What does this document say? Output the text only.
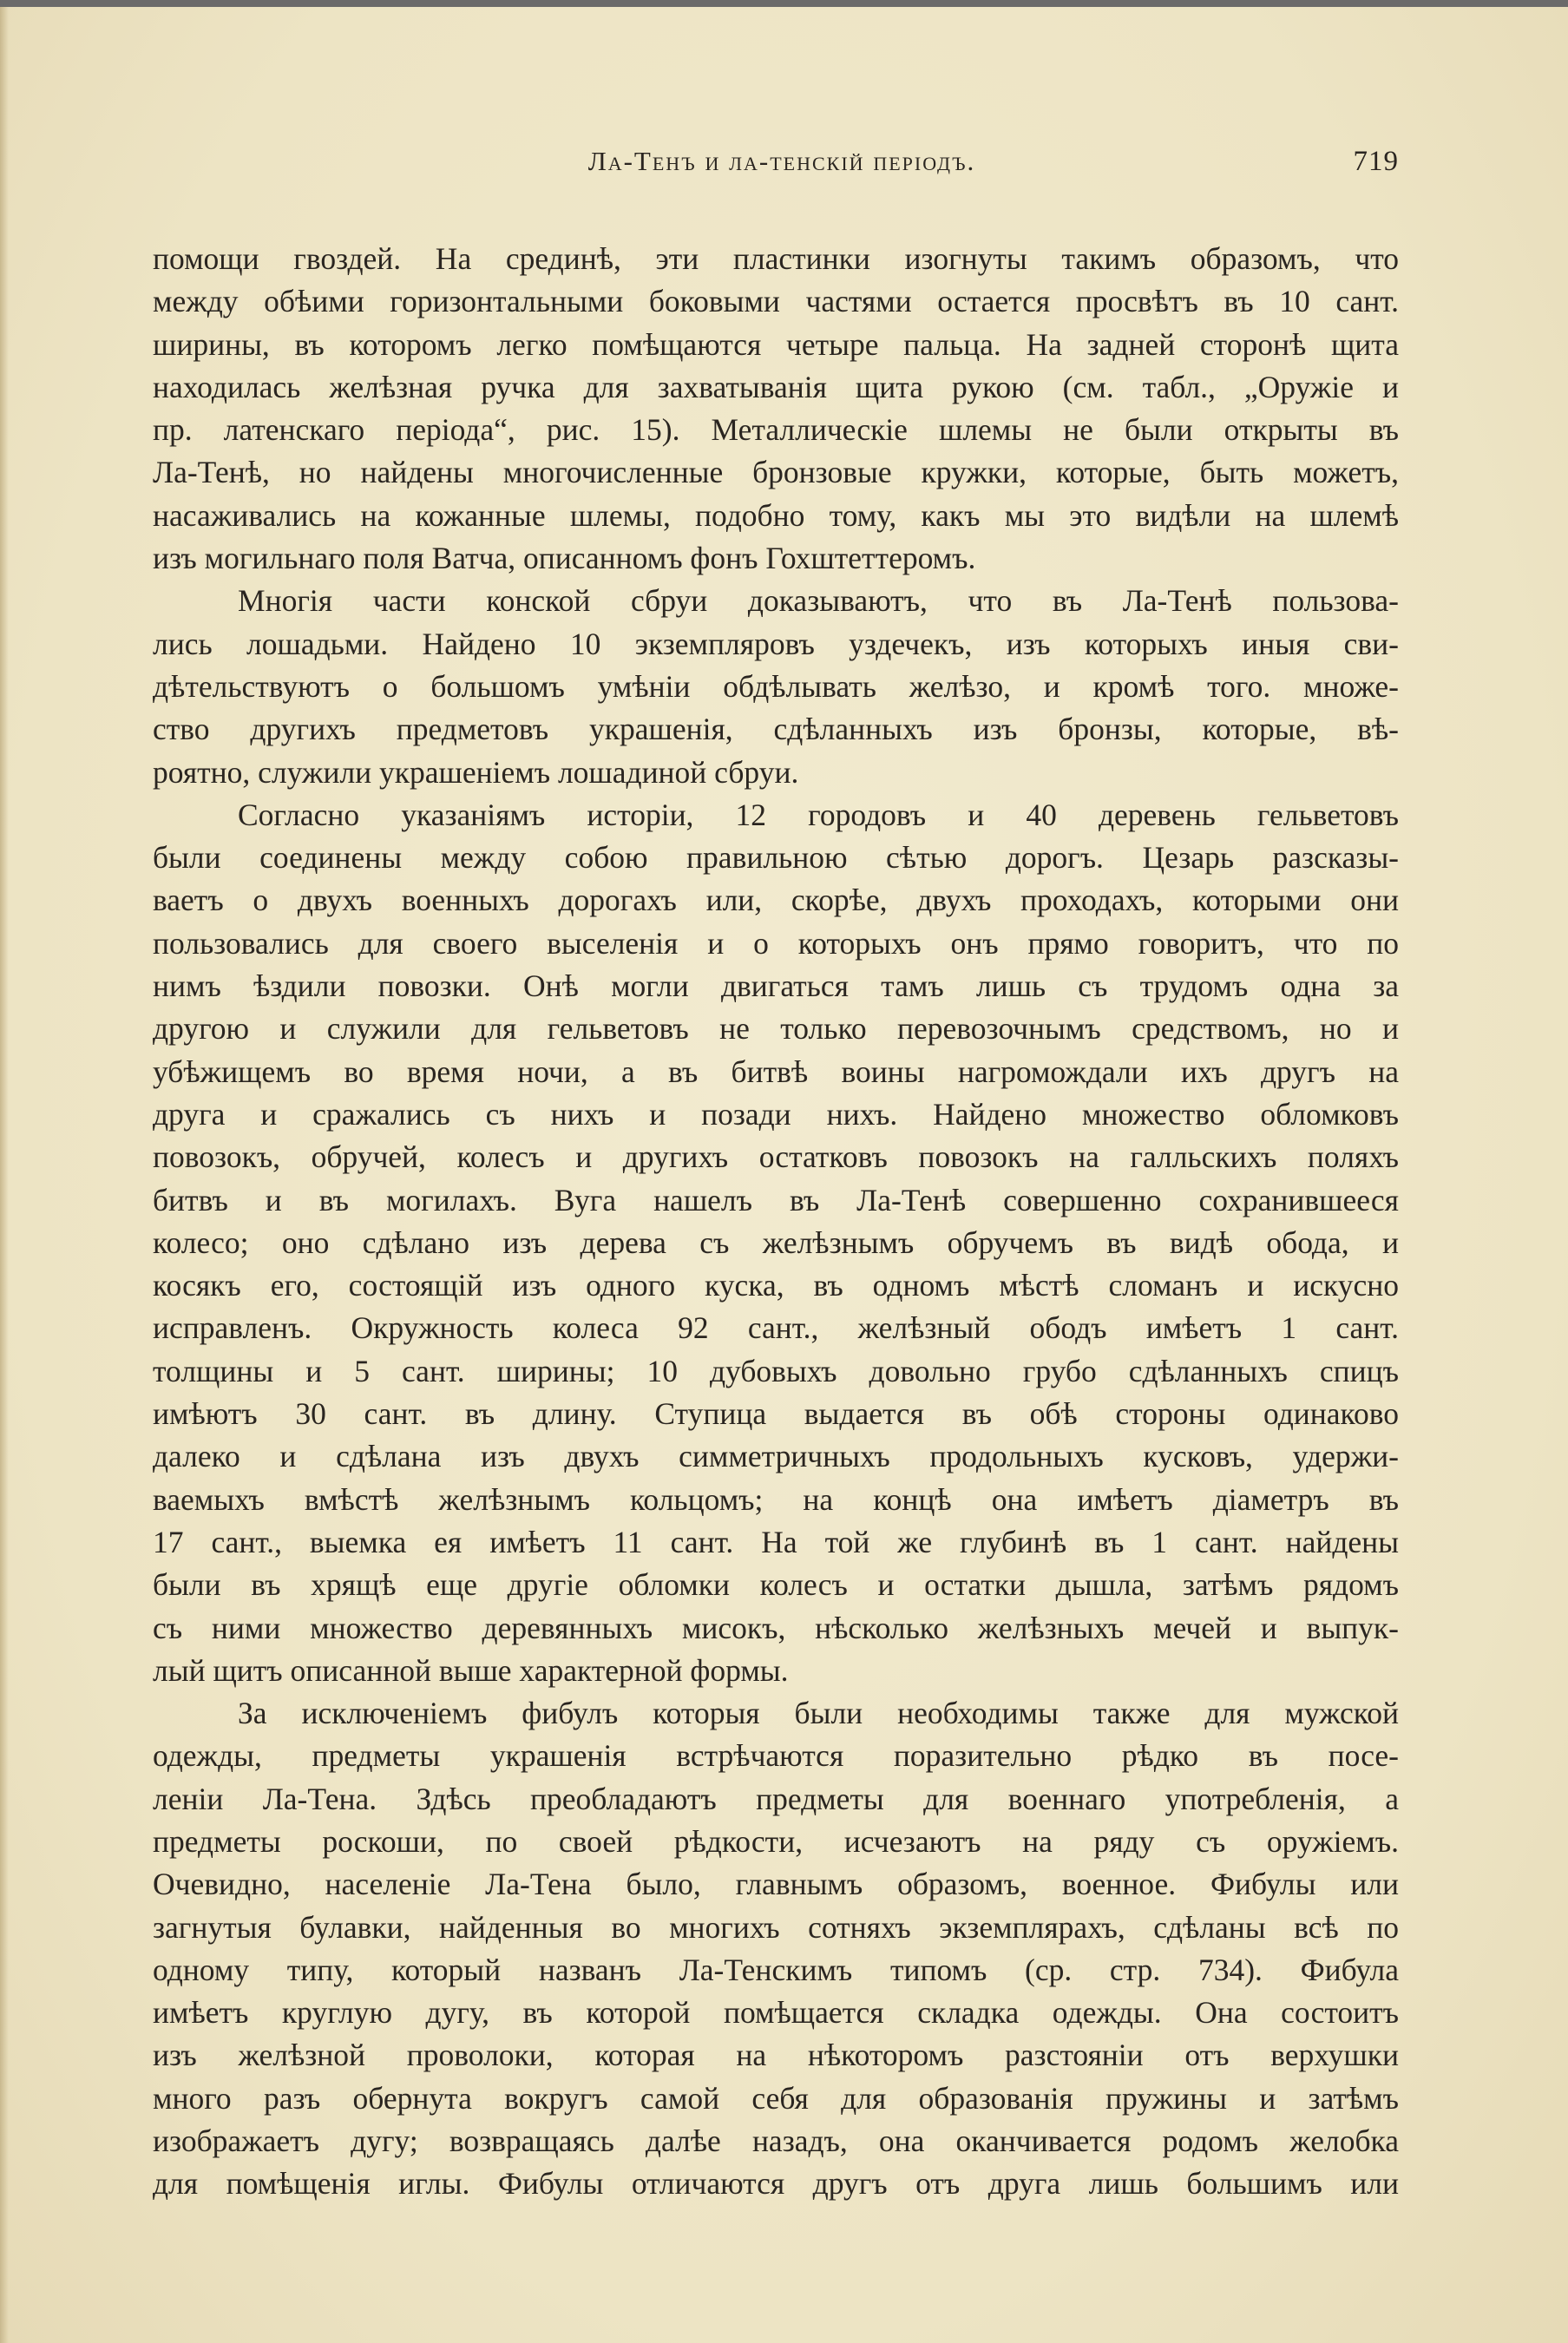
Ла-Тенъ и ла-тенскій періодъ.	719
помощи гвоздей. На срединѣ, эти пластинки изогнуты такимъ образомъ, что
между обѣими горизонтальными боковыми частями остается просвѣтъ въ 10 сант.
ширины, въ которомъ легко помѣщаются четыре пальца. На задней сторонѣ щита
находилась желѣзная ручка для захватыванія щита рукою (см. табл., „Оружіе и
пр. латенскаго періода“, рис. 15). Металлическіе шлемы не были открыты въ
Ла-Тенѣ, но найдены многочисленные бронзовые кружки, которые, быть можетъ,
насаживались на кожанные шлемы, подобно тому, какъ мы это видѣли на шлемѣ
изъ могильнаго поля Ватча, описанномъ фонъ Гохштеттеромъ.
Многія части конской сбруи доказываютъ, что въ Ла-Тенѣ пользова-
лись лошадьми. Найдено 10 экземпляровъ уздечекъ, изъ которыхъ иныя сви-
дѣтельствуютъ о большомъ умѣніи обдѣлывать желѣзо, и кромѣ того. множе-
ство другихъ предметовъ украшенія, сдѣланныхъ изъ бронзы, которые, вѣ-
роятно, служили украшеніемъ лошадиной сбруи.
Согласно указаніямъ исторіи, 12 городовъ и 40 деревень гельветовъ
были соединены между собою правильною сѣтью дорогъ. Цезарь разсказы-
ваетъ о двухъ военныхъ дорогахъ или, скорѣе, двухъ проходахъ, которыми они
пользовались для своего выселенія и о которыхъ онъ прямо говоритъ, что по
нимъ ѣздили повозки. Онѣ могли двигаться тамъ лишь съ трудомъ одна за
другою и служили для гельветовъ не только перевозочнымъ средствомъ, но и
убѣжищемъ во время ночи, а въ битвѣ воины нагромождали ихъ другъ на
друга и сражались съ нихъ и позади нихъ. Найдено множество обломковъ
повозокъ, обручей, колесъ и другихъ остатковъ повозокъ на галльскихъ поляхъ
битвъ и въ могилахъ. Вуга нашелъ въ Ла-Тенѣ совершенно сохранившееся
колесо; оно сдѣлано изъ дерева съ желѣзнымъ обручемъ въ видѣ обода, и
косякъ его, состоящій изъ одного куска, въ одномъ мѣстѣ сломанъ и искусно
исправленъ. Окружность колеса 92 сант., желѣзный ободъ имѣетъ 1 сант.
толщины и 5 сант. ширины; 10 дубовыхъ довольно грубо сдѣланныхъ спицъ
имѣютъ 30 сант. въ длину. Ступица выдается въ обѣ стороны одинаково
далеко и сдѣлана изъ двухъ симметричныхъ продольныхъ кусковъ, удержи-
ваемыхъ вмѣстѣ желѣзнымъ кольцомъ; на концѣ она имѣетъ діаметръ въ
17 сант., выемка ея имѣетъ 11 сант. На той же глубинѣ въ 1 сант. найдены
были въ хрящѣ еще другіе обломки колесъ и остатки дышла, затѣмъ рядомъ
съ ними множество деревянныхъ мисокъ, нѣсколько желѣзныхъ мечей и выпук-
лый щитъ описанной выше характерной формы.
За исключеніемъ фибулъ которыя были необходимы также для мужской
одежды, предметы украшенія встрѣчаются поразительно рѣдко въ посе-
леніи Ла-Тена. Здѣсь преобладаютъ предметы для военнаго употребленія, а
предметы роскоши, по своей рѣдкости, исчезаютъ на ряду съ оружіемъ.
Очевидно, населеніе Ла-Тена было, главнымъ образомъ, военное. Фибулы или
загнутыя булавки, найденныя во многихъ сотняхъ экземплярахъ, сдѣланы всѣ по
одному типу, который названъ Ла-Тенскимъ типомъ (ср. стр. 734). Фибула
имѣетъ круглую дугу, въ которой помѣщается складка одежды. Она состоитъ
изъ желѣзной проволоки, которая на нѣкоторомъ разстояніи отъ верхушки
много разъ обернута вокругъ самой себя для образованія пружины и затѣмъ
изображаетъ дугу; возвращаясь далѣе назадъ, она оканчивается родомъ желобка
для помѣщенія иглы. Фибулы отличаются другъ отъ друга лишь большимъ или
